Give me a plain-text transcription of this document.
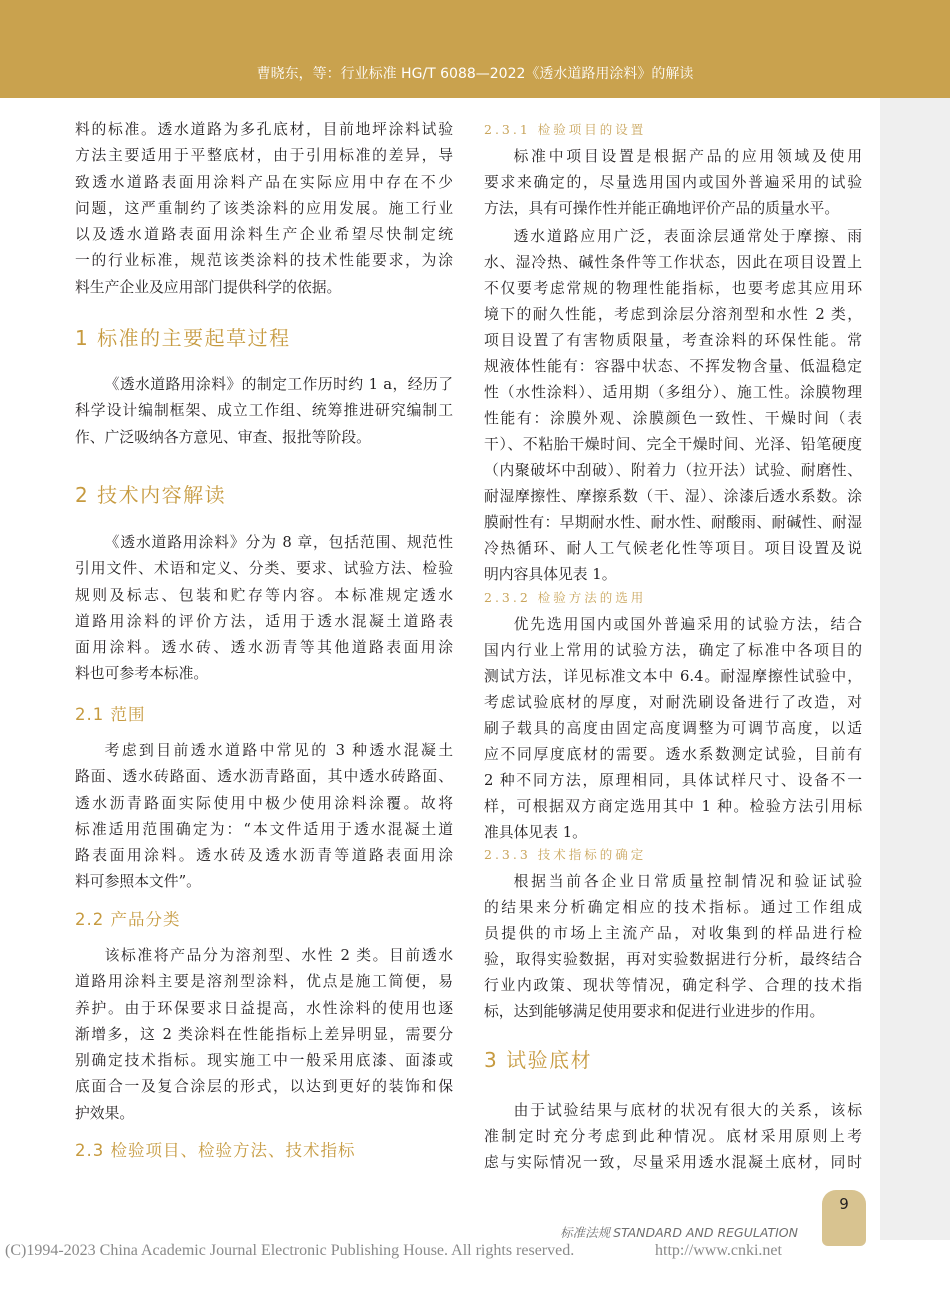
曹晓东，等：行业标准 HG/T 6088—2022《透水道路用涂料》的解读
料的标准。透水道路为多孔底材，目前地坪涂料试验
方法主要适用于平整底材，由于引用标准的差异，导
致透水道路表面用涂料产品在实际应用中存在不少
问题，这严重制约了该类涂料的应用发展。施工行业
以及透水道路表面用涂料生产企业希望尽快制定统
一的行业标准，规范该类涂料的技术性能要求，为涂
料生产企业及应用部门提供科学的依据。
1 标准的主要起草过程
《透水道路用涂料》的制定工作历时约 1 a，经历了
科学设计编制框架、成立工作组、统筹推进研究编制工
作、广泛吸纳各方意见、审查、报批等阶段。
2 技术内容解读
《透水道路用涂料》分为 8 章，包括范围、规范性
引用文件、术语和定义、分类、要求、试验方法、检验
规则及标志、包装和贮存等内容。本标准规定透水
道路用涂料的评价方法，适用于透水混凝土道路表
面用涂料。透水砖、透水沥青等其他道路表面用涂
料也可参考本标准。
2.1 范围
考虑到目前透水道路中常见的 3 种透水混凝土
路面、透水砖路面、透水沥青路面，其中透水砖路面、
透水沥青路面实际使用中极少使用涂料涂覆。故将
标准适用范围确定为：“本文件适用于透水混凝土道
路表面用涂料。透水砖及透水沥青等道路表面用涂
料可参照本文件”。
2.2 产品分类
该标准将产品分为溶剂型、水性 2 类。目前透水
道路用涂料主要是溶剂型涂料，优点是施工简便，易
养护。由于环保要求日益提高，水性涂料的使用也逐
渐增多，这 2 类涂料在性能指标上差异明显，需要分
别确定技术指标。现实施工中一般采用底漆、面漆或
底面合一及复合涂层的形式，以达到更好的装饰和保
护效果。
2.3 检验项目、检验方法、技术指标
2.3.1 检验项目的设置
标准中项目设置是根据产品的应用领域及使用
要求来确定的，尽量选用国内或国外普遍采用的试验
方法，具有可操作性并能正确地评价产品的质量水平。
透水道路应用广泛，表面涂层通常处于摩擦、雨
水、湿冷热、碱性条件等工作状态，因此在项目设置上
不仅要考虑常规的物理性能指标，也要考虑其应用环
境下的耐久性能，考虑到涂层分溶剂型和水性 2 类，
项目设置了有害物质限量，考查涂料的环保性能。常
规液体性能有：容器中状态、不挥发物含量、低温稳定
性（水性涂料）、适用期（多组分）、施工性。涂膜物理
性能有：涂膜外观、涂膜颜色一致性、干燥时间（表
干）、不粘胎干燥时间、完全干燥时间、光泽、铅笔硬度
（内聚破坏中刮破）、附着力（拉开法）试验、耐磨性、
耐湿摩擦性、摩擦系数（干、湿）、涂漆后透水系数。涂
膜耐性有：早期耐水性、耐水性、耐酸雨、耐碱性、耐湿
冷热循环、耐人工气候老化性等项目。项目设置及说
明内容具体见表 1。
2.3.2 检验方法的选用
优先选用国内或国外普遍采用的试验方法，结合
国内行业上常用的试验方法，确定了标准中各项目的
测试方法，详见标准文本中 6.4。耐湿摩擦性试验中，
考虑试验底材的厚度，对耐洗刷设备进行了改造，对
刷子载具的高度由固定高度调整为可调节高度，以适
应不同厚度底材的需要。透水系数测定试验，目前有
2 种不同方法，原理相同，具体试样尺寸、设备不一
样，可根据双方商定选用其中 1 种。检验方法引用标
准具体见表 1。
2.3.3 技术指标的确定
根据当前各企业日常质量控制情况和验证试验
的结果来分析确定相应的技术指标。通过工作组成
员提供的市场上主流产品，对收集到的样品进行检
验，取得实验数据，再对实验数据进行分析，最终结合
行业内政策、现状等情况，确定科学、合理的技术指
标，达到能够满足使用要求和促进行业进步的作用。
3 试验底材
由于试验结果与底材的状况有很大的关系，该标
准制定时充分考虑到此种情况。底材采用原则上考
虑与实际情况一致，尽量采用透水混凝土底材，同时
9
标准法规 STANDARD AND REGULATION
(C)1994-2023 China Academic Journal Electronic Publishing House. All rights reserved.	http://www.cnki.net
